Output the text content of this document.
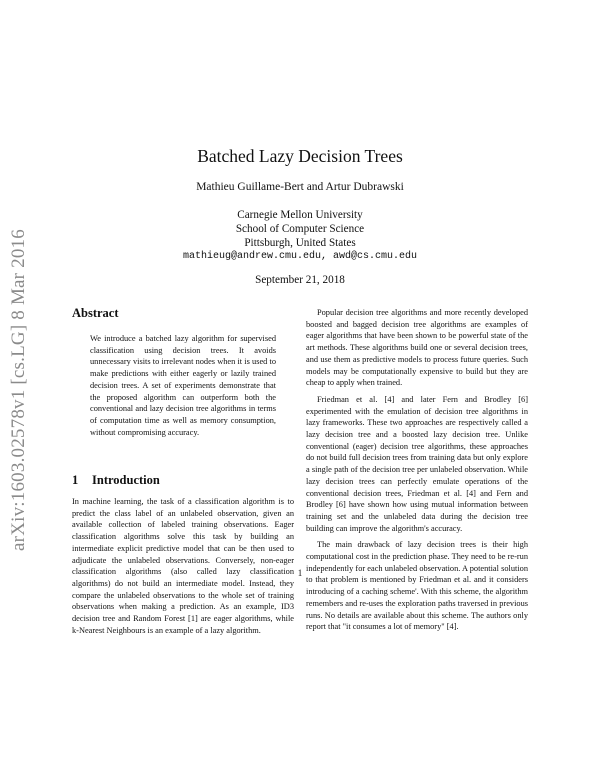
arXiv:1603.02578v1 [cs.LG] 8 Mar 2016
Batched Lazy Decision Trees
Mathieu Guillame-Bert and Artur Dubrawski
Carnegie Mellon University
School of Computer Science
Pittsburgh, United States
mathieug@andrew.cmu.edu, awd@cs.cmu.edu
September 21, 2018
Abstract
We introduce a batched lazy algorithm for supervised classification using decision trees. It avoids unnecessary visits to irrelevant nodes when it is used to make predictions with either eagerly or lazily trained decision trees. A set of experiments demonstrate that the proposed algorithm can outperform both the conventional and lazy decision tree algorithms in terms of computation time as well as memory consumption, without compromising accuracy.
1 Introduction

In machine learning, the task of a classification algorithm is to predict the class label of an unlabeled observation, given an available collection of labeled training observations. Eager classification algorithms solve this task by building an intermediate explicit predictive model that can be then used to adjudicate the unlabeled observations. Conversely, non-eager classification algorithms (also called lazy classification algorithms) do not build an intermediate model. Instead, they compare the unlabeled observations to the whole set of training observations when making a prediction. As an example, ID3 decision tree and Random Forest [1] are eager algorithms, while k-Nearest Neighbours is an example of a lazy algorithm.

Popular decision tree algorithms and more recently developed boosted and bagged decision tree algorithms are examples of eager algorithms that have been shown to be powerful state of the art methods. These algorithms build one or several decision trees, and use them as predictive models to process future queries. Such models may be computationally expensive to build but they are cheap to apply when trained.

Friedman et al. [4] and later Fern and Brodley [6] experimented with the emulation of decision tree algorithms in lazy frameworks. These two approaches are respectively called a lazy decision tree and a boosted lazy decision tree. Unlike conventional (eager) decision tree algorithms, these approaches do not build full decision trees from training data but only explore a single path of the decision tree per unlabeled observation. While lazy decision trees can perfectly emulate operations of the conventional decision trees, Friedman et al. [4] and Fern and Brodley [6] have shown how using mutual information between training set and the unlabeled data during the decision tree building can improve the algorithm's accuracy.

The main drawback of lazy decision trees is their high computational cost in the prediction phase. They need to be re-run independently for each unlabeled observation. A potential solution to that problem is mentioned by Friedman et al. and it considers introducing of a caching scheme'. With this scheme, the algorithm remembers and re-uses the exploration paths traversed in previous runs. No details are available about this scheme. The authors only report that "it consumes a lot of memory" [4].

1
